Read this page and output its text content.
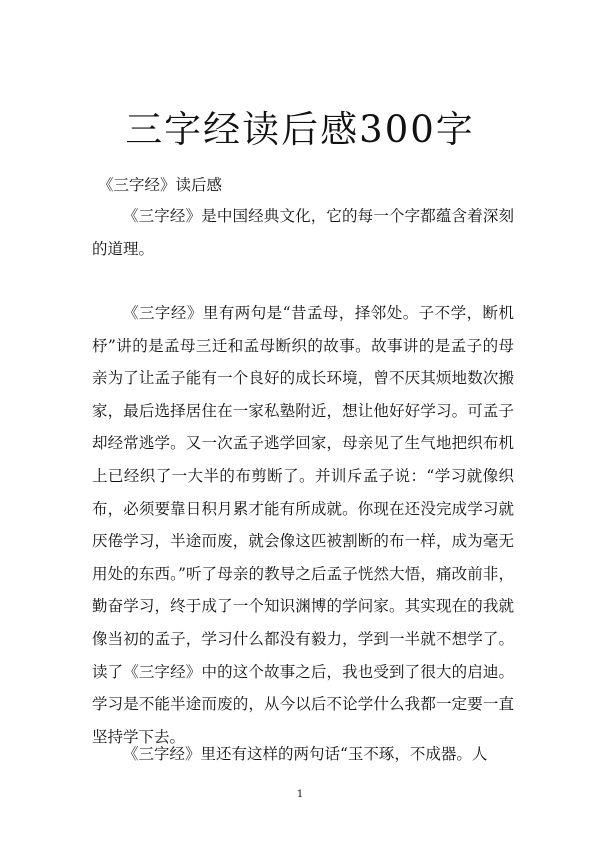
三字经读后感300字

《三字经》读后感

《三字经》是中国经典文化，它的每一个字都蕴含着深刻的道理。

《三字经》里有两句是“昔孟母，择邻处。子不学，断机杼”讲的是孟母三迁和孟母断织的故事。故事讲的是孟子的母亲为了让孟子能有一个良好的成长环境，曾不厌其烦地数次搬家，最后选择居住在一家私塾附近，想让他好好学习。可孟子却经常逃学。又一次孟子逃学回家，母亲见了生气地把织布机上已经织了一大半的布剪断了。并训斥孟子说：“学习就像织布，必须要靠日积月累才能有所成就。你现在还没完成学习就厌倦学习，半途而废，就会像这匹被割断的布一样，成为毫无用处的东西。”听了母亲的教导之后孟子恍然大悟，痛改前非，勤奋学习，终于成了一个知识渊博的学问家。其实现在的我就像当初的孟子，学习什么都没有毅力，学到一半就不想学了。读了《三字经》中的这个故事之后，我也受到了很大的启迪。学习是不能半途而废的，从今以后不论学什么我都一定要一直坚持学下去。

《三字经》里还有这样的两句话“玉不琢，不成器。人

1
